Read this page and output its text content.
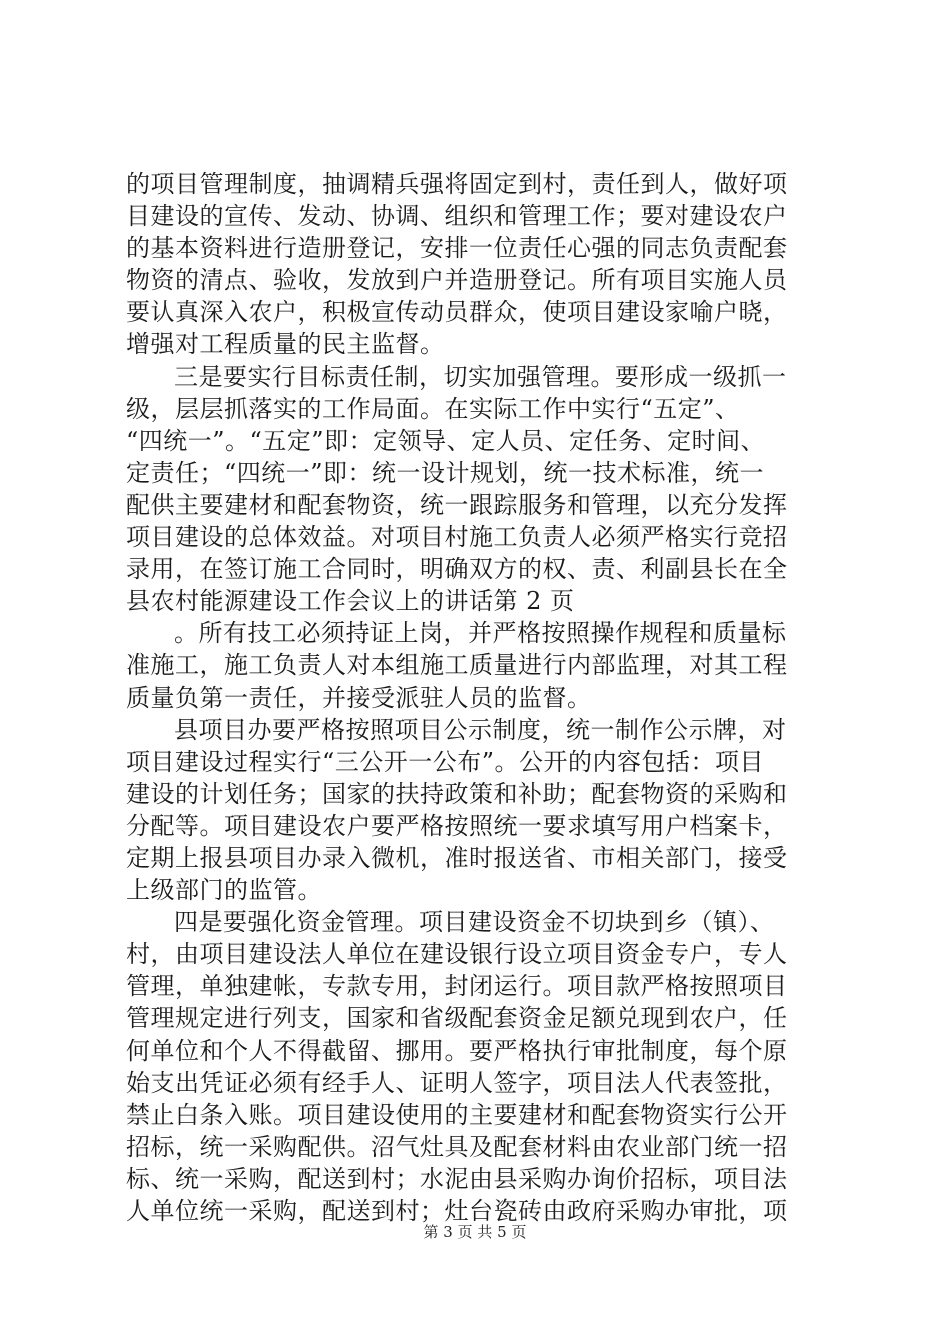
的项目管理制度，抽调精兵强将固定到村，责任到人，做好项
目建设的宣传、发动、协调、组织和管理工作；要对建设农户
的基本资料进行造册登记，安排一位责任心强的同志负责配套
物资的清点、验收，发放到户并造册登记。所有项目实施人员
要认真深入农户，积极宣传动员群众，使项目建设家喻户晓，
增强对工程质量的民主监督。
三是要实行目标责任制，切实加强管理。要形成一级抓一
级，层层抓落实的工作局面。在实际工作中实行“五定”、
“四统一”。“五定”即：定领导、定人员、定任务、定时间、
定责任；“四统一”即：统一设计规划，统一技术标准，统一
配供主要建材和配套物资，统一跟踪服务和管理，以充分发挥
项目建设的总体效益。对项目村施工负责人必须严格实行竞招
录用，在签订施工合同时，明确双方的权、责、利副县长在全
县农村能源建设工作会议上的讲话第 2 页
。所有技工必须持证上岗，并严格按照操作规程和质量标
准施工，施工负责人对本组施工质量进行内部监理，对其工程
质量负第一责任，并接受派驻人员的监督。
县项目办要严格按照项目公示制度，统一制作公示牌，对
项目建设过程实行“三公开一公布”。公开的内容包括：项目
建设的计划任务；国家的扶持政策和补助；配套物资的采购和
分配等。项目建设农户要严格按照统一要求填写用户档案卡，
定期上报县项目办录入微机，准时报送省、市相关部门，接受
上级部门的监管。
四是要强化资金管理。项目建设资金不切块到乡（镇）、
村，由项目建设法人单位在建设银行设立项目资金专户，专人
管理，单独建帐，专款专用，封闭运行。项目款严格按照项目
管理规定进行列支，国家和省级配套资金足额兑现到农户，任
何单位和个人不得截留、挪用。要严格执行审批制度，每个原
始支出凭证必须有经手人、证明人签字，项目法人代表签批，
禁止白条入账。项目建设使用的主要建材和配套物资实行公开
招标，统一采购配供。沼气灶具及配套材料由农业部门统一招
标、统一采购，配送到村；水泥由县采购办询价招标，项目法
人单位统一采购，配送到村；灶台瓷砖由政府采购办审批，项
第 3 页 共 5 页
